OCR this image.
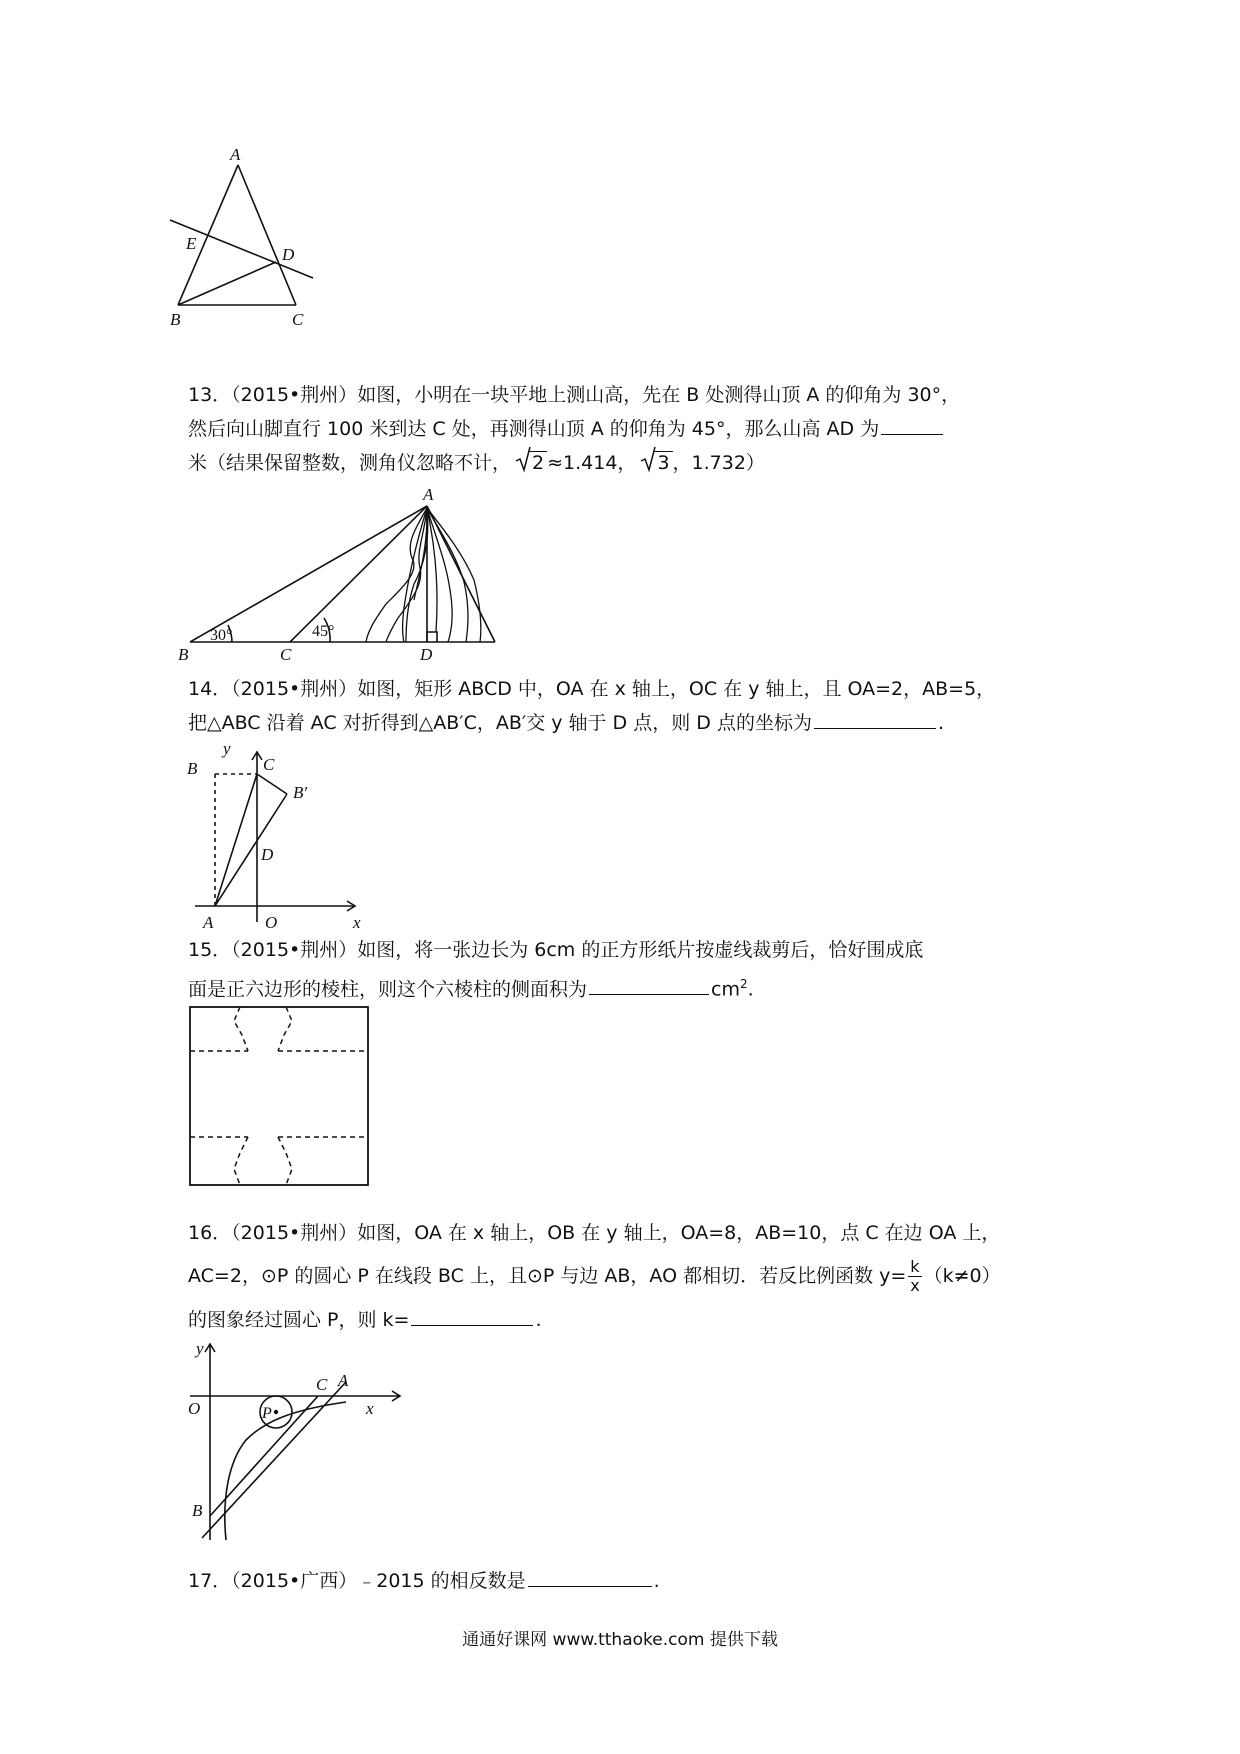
A
B	C
D
E
13．（2015•荆州）如图，小明在一块平地上测山高，先在 B 处测得山顶 A 的仰角为 30°，
然后向山脚直行 100 米到达 C 处，再测得山顶 A 的仰角为 45°，那么山高 AD 为
米（结果保留整数，测角仪忽略不计， 2 ≈1.414， 3 ，1.732）
A
B	C	D
30°	45°
14．（2015•荆州）如图，矩形 ABCD 中，OA 在 x 轴上，OC 在 y 轴上，且 OA=2，AB=5，
把△ABC 沿着 AC 对折得到△AB′C，AB′交 y 轴于 D 点，则 D 点的坐标为	.
y
x
B	C
B′
D
A	O
15．（2015•荆州）如图，将一张边长为 6cm 的正方形纸片按虚线裁剪后，恰好围成底
面是正六边形的棱柱，则这个六棱柱的侧面积为	$cm^2$.
16．（2015•荆州）如图，OA 在 x 轴上，OB 在 y 轴上，OA=8，AB=10，点 C 在边 OA 上，
AC=2，⊙P 的圆心 P 在线段 BC 上，且⊙P 与边 AB，AO 都相切．若反比例函数 $y= \frac{k}{x} (k\ne 0)$
的图象经过圆心 P，则 k=	.
y
x
O
C A
P
B
17．（2015•广西）﹣2015 的相反数是	.
通通好课网 www.tthaoke.com 提供下载
